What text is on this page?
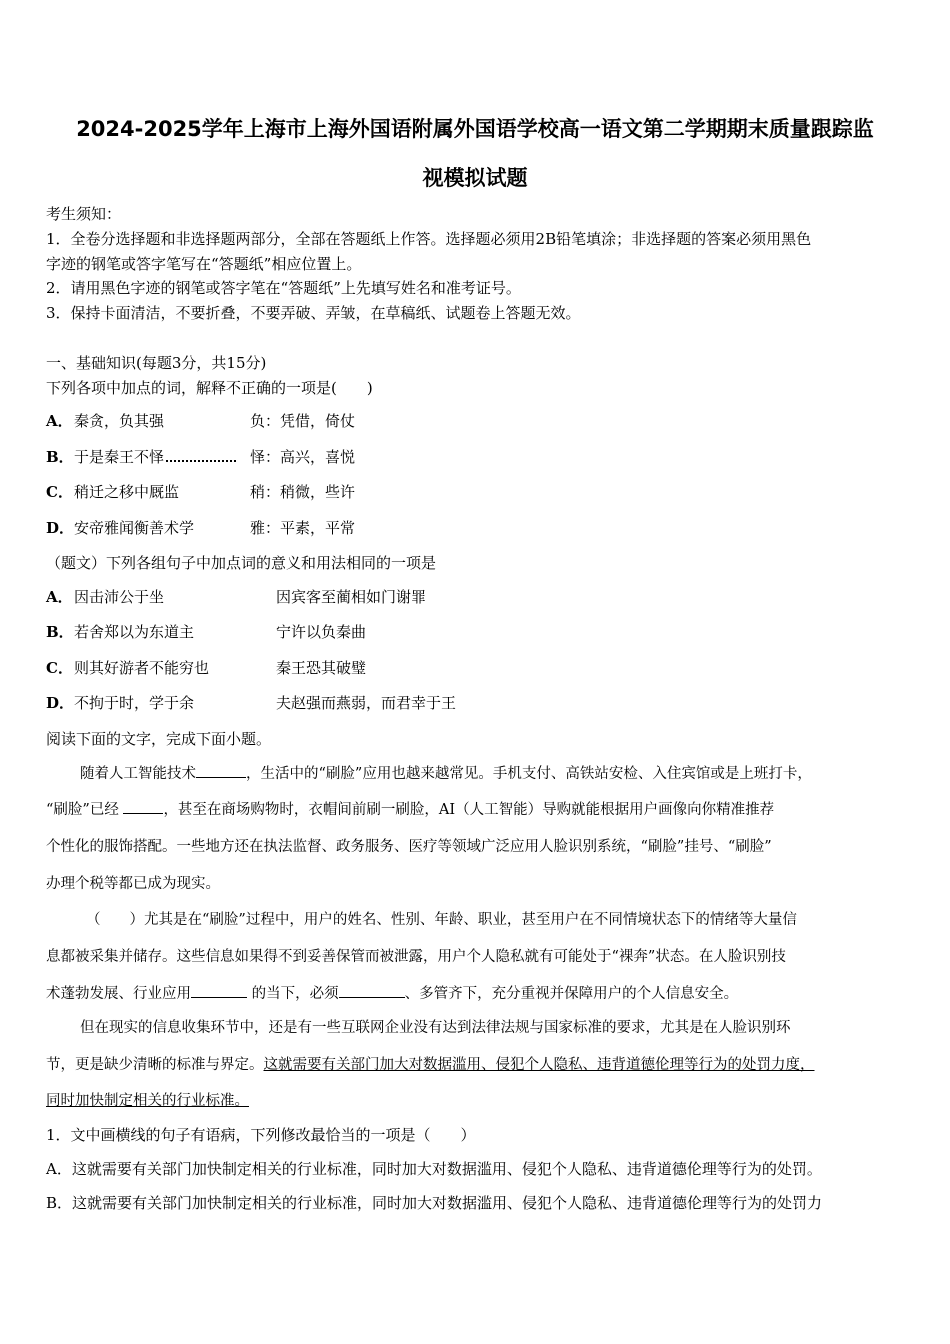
2024-2025学年上海市上海外国语附属外国语学校高一语文第二学期期末质量跟踪监
视模拟试题
考生须知：
1．全卷分选择题和非选择题两部分，全部在答题纸上作答。选择题必须用2B铅笔填涂；非选择题的答案必须用黑色
字迹的钢笔或答字笔写在“答题纸”相应位置上。
2．请用黑色字迹的钢笔或答字笔在“答题纸”上先填写姓名和准考证号。
3．保持卡面清洁，不要折叠，不要弄破、弄皱，在草稿纸、试题卷上答题无效。
一、基础知识(每题3分，共15分)
下列各项中加点的词，解释不正确的一项是(　　)
A．秦贪，负其强	负：凭借，倚仗
B．于是秦王不怿	怿：高兴，喜悦
C．稍迁之移中厩监	稍：稍微，些许
D．安帝雅闻衡善术学	雅：平素，平常
（题文）下列各组句子中加点词的意义和用法相同的一项是
A．因击沛公于坐	因宾客至蔺相如门谢罪
B．若舍郑以为东道主	宁许以负秦曲
C．则其好游者不能穷也	秦王恐其破璧
D．不拘于时，学于余	夫赵强而燕弱，而君幸于王
阅读下面的文字，完成下面小题。
随着人工智能技术	，生活中的“刷脸”应用也越来越常见。手机支付、高铁站安检、入住宾馆或是上班打卡，
“刷脸”已经	，甚至在商场购物时，衣帽间前刷一刷脸，AI（人工智能）导购就能根据用户画像向你精准推荐
个性化的服饰搭配。一些地方还在执法监督、政务服务、医疗等领域广泛应用人脸识别系统，“刷脸”挂号、“刷脸”
办理个税等都已成为现实。
（　　）尤其是在“刷脸”过程中，用户的姓名、性别、年龄、职业，甚至用户在不同情境状态下的情绪等大量信
息都被采集并储存。这些信息如果得不到妥善保管而被泄露，用户个人隐私就有可能处于“裸奔”状态。在人脸识别技
术蓬勃发展、行业应用	的当下，必须	、多管齐下，充分重视并保障用户的个人信息安全。
但在现实的信息收集环节中，还是有一些互联网企业没有达到法律法规与国家标准的要求，尤其是在人脸识别环
节，更是缺少清晰的标准与界定。这就需要有关部门加大对数据滥用、侵犯个人隐私、违背道德伦理等行为的处罚力度，
同时加快制定相关的行业标准。
1．文中画横线的句子有语病，下列修改最恰当的一项是（　　）
A．这就需要有关部门加快制定相关的行业标准，同时加大对数据滥用、侵犯个人隐私、违背道德伦理等行为的处罚。
B．这就需要有关部门加快制定相关的行业标准，同时加大对数据滥用、侵犯个人隐私、违背道德伦理等行为的处罚力
